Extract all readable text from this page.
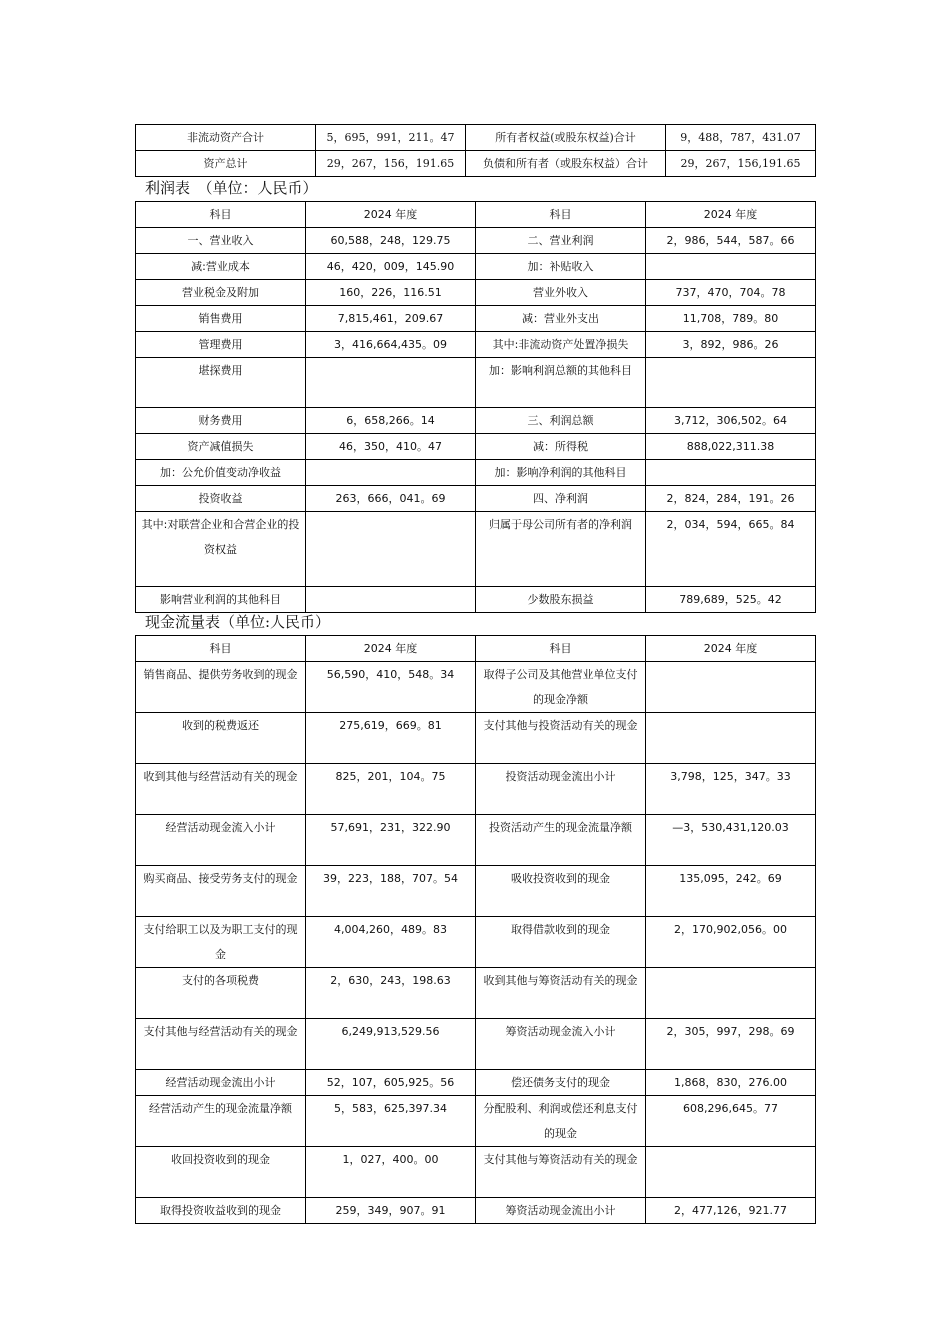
非流动资产合计	5，695，991，211。47	所有者权益(或股东权益)合计	9，488，787，431.07
资产总计	29，267，156，191.65	负债和所有者（或股东权益）合计	29，267，156,191.65
利润表　（单位：人民币）
科目	2024 年度	科目	2024 年度

一、营业收入	60,588，248，129.75	二、营业利润	2，986，544，587。66

减:营业成本	46，420，009，145.90	加：补贴收入	

营业税金及附加	160，226，116.51	营业外收入	737，470，704。78

销售费用	7,815,461，209.67	减：营业外支出	11,708，789。80

管理费用	3，416,664,435。09	其中:非流动资产处置净损失	3，892，986。26

堪探费用		加：影响利润总额的其他科目	

财务费用	6，658,266。14	三、利润总额	3,712，306,502。64

资产减值损失	46，350，410。47	减：所得税	888,022,311.38

加：公允价值变动净收益		加：影响净利润的其他科目	

投资收益	263，666，041。69	四、净利润	2，824，284，191。26

其中:对联营企业和合营企业的投资权益		归属于母公司所有者的净利润	2，034，594，665。84

影响营业利润的其他科目		少数股东损益	789,689，525。42
现金流量表（单位:人民币）
科目	2024 年度	科目	2024 年度

销售商品、提供劳务收到的现金	56,590，410，548。34	取得子公司及其他营业单位支付的现金净额	

收到的税费返还	275,619，669。81	支付其他与投资活动有关的现金	

收到其他与经营活动有关的现金	825，201，104。75	投资活动现金流出小计	3,798，125，347。33

经营活动现金流入小计	57,691，231，322.90	投资活动产生的现金流量净额	—3，530,431,120.03

购买商品、接受劳务支付的现金	39，223，188，707。54	吸收投资收到的现金	135,095，242。69

支付给职工以及为职工支付的现金	4,004,260，489。83	取得借款收到的现金	2，170,902,056。00

支付的各项税费	2，630，243，198.63	收到其他与筹资活动有关的现金	

支付其他与经营活动有关的现金	6,249,913,529.56	筹资活动现金流入小计	2，305，997，298。69

经营活动现金流出小计	52，107，605,925。56	偿还债务支付的现金	1,868，830，276.00

经营活动产生的现金流量净额	5，583，625,397.34	分配股利、利润或偿还利息支付的现金	608,296,645。77

收回投资收到的现金	1，027，400。00	支付其他与筹资活动有关的现金	

取得投资收益收到的现金	259，349，907。91	筹资活动现金流出小计	2，477,126，921.77
